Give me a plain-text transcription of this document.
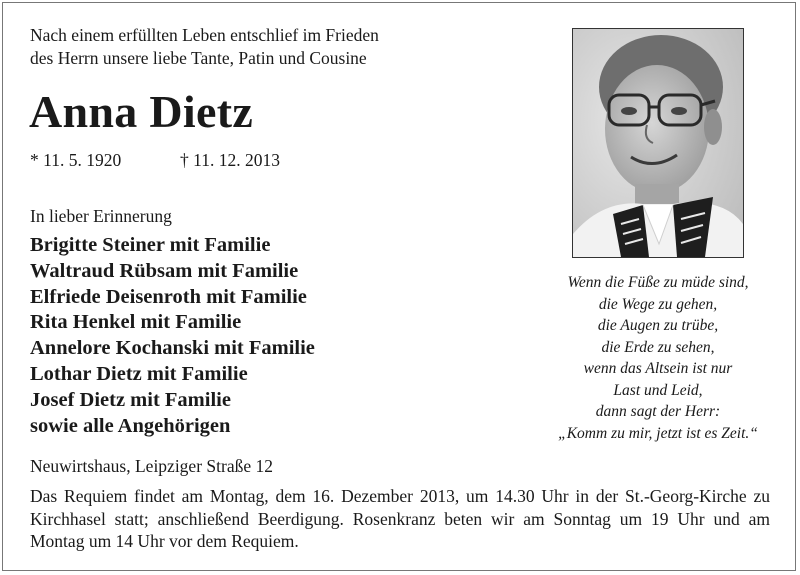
Nach einem erfüllten Leben entschlief im Frieden
des Herrn unsere liebe Tante, Patin und Cousine
Anna Dietz
* 11. 5. 1920	† 11. 12. 2013
In lieber Erinnerung
Brigitte Steiner mit Familie
Waltraud Rübsam mit Familie
Elfriede Deisenroth mit Familie
Rita Henkel mit Familie
Annelore Kochanski mit Familie
Lothar Dietz mit Familie
Josef Dietz mit Familie
sowie alle Angehörigen
Wenn die Füße zu müde sind,
die Wege zu gehen,
die Augen zu trübe,
die Erde zu sehen,
wenn das Altsein ist nur
Last und Leid,
dann sagt der Herr:
„Komm zu mir, jetzt ist es Zeit.“
Neuwirtshaus, Leipziger Straße 12
Das Requiem findet am Montag, dem 16. Dezember 2013, um 14.30 Uhr in der St.-Georg-Kirche zu Kirchhasel statt; anschließend Beerdigung. Rosenkranz beten wir am Sonntag um 19 Uhr und am Montag um 14 Uhr vor dem Requiem.
